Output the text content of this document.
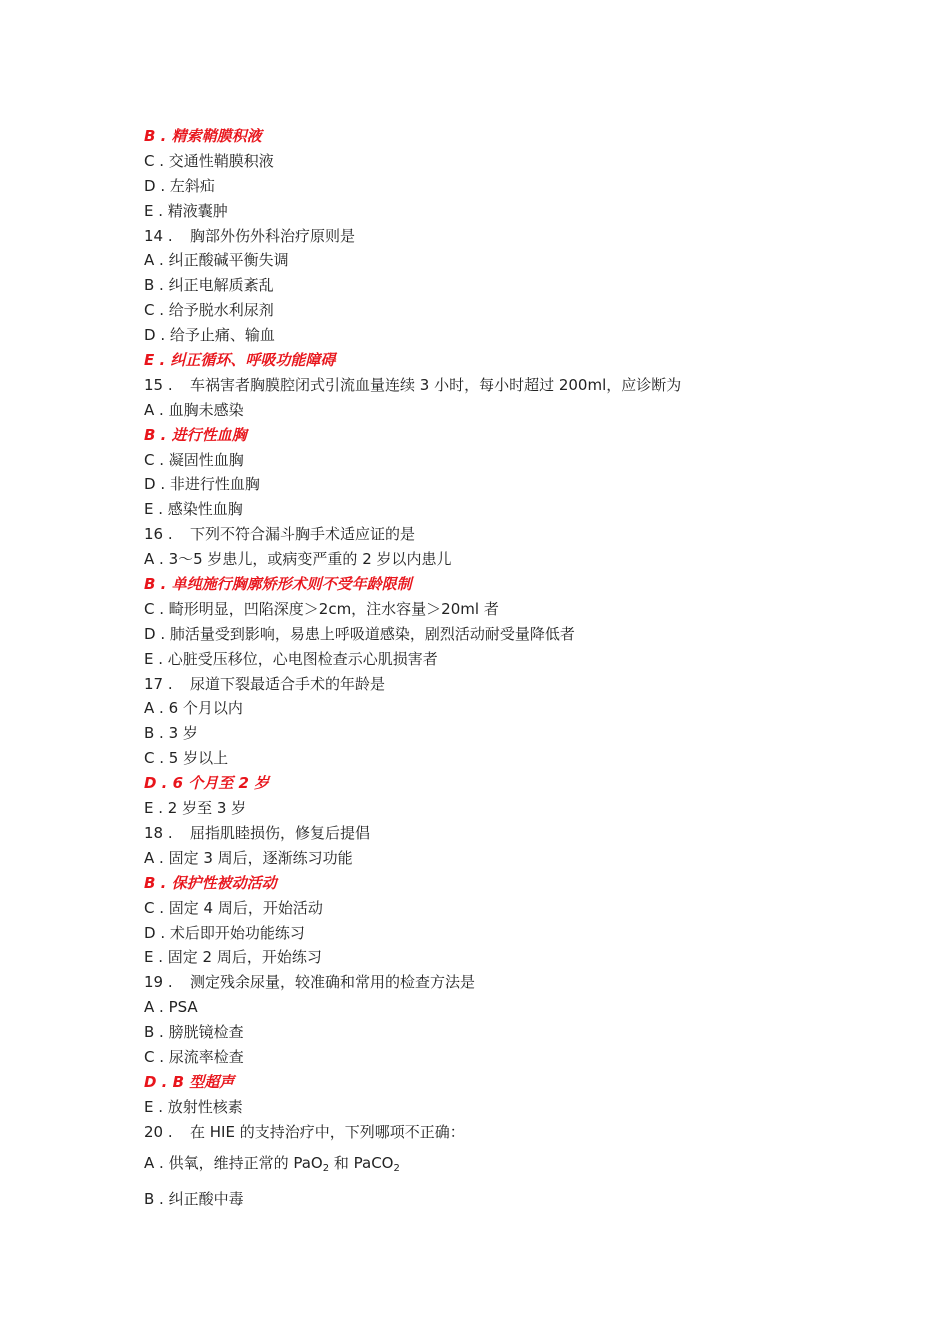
B . 精索鞘膜积液
C . 交通性鞘膜积液
D . 左斜疝
E . 精液囊肿
14 . 胸部外伤外科治疗原则是
A . 纠正酸碱平衡失调
B . 纠正电解质紊乱
C . 给予脱水利尿剂
D . 给予止痛、输血
E . 纠正循环、呼吸功能障碍
15 . 车祸害者胸膜腔闭式引流血量连续 3 小时，每小时超过 200ml，应诊断为
A . 血胸未感染
B . 进行性血胸
C . 凝固性血胸
D . 非进行性血胸
E . 感染性血胸
16 . 下列不符合漏斗胸手术适应证的是
A . 3～5 岁患儿，或病变严重的 2 岁以内患儿
B . 单纯施行胸廓矫形术则不受年龄限制
C . 畸形明显，凹陷深度＞2cm，注水容量＞20ml 者
D . 肺活量受到影响，易患上呼吸道感染，剧烈活动耐受量降低者
E . 心脏受压移位，心电图检查示心肌损害者
17 . 尿道下裂最适合手术的年龄是
A . 6 个月以内
B . 3 岁
C . 5 岁以上
D . 6 个月至 2 岁
E . 2 岁至 3 岁
18 . 屈指肌睦损伤，修复后提倡
A . 固定 3 周后，逐渐练习功能
B . 保护性被动活动
C . 固定 4 周后，开始活动
D . 术后即开始功能练习
E . 固定 2 周后，开始练习
19 . 测定残余尿量，较准确和常用的检查方法是
A . PSA
B . 膀胱镜检查
C . 尿流率检查
D . B 型超声
E . 放射性核素
20 . 在 HIE 的支持治疗中，下列哪项不正确：
A . 供氧，维持正常的 PaO$_2$ 和 PaCO$_2$
B . 纠正酸中毒
